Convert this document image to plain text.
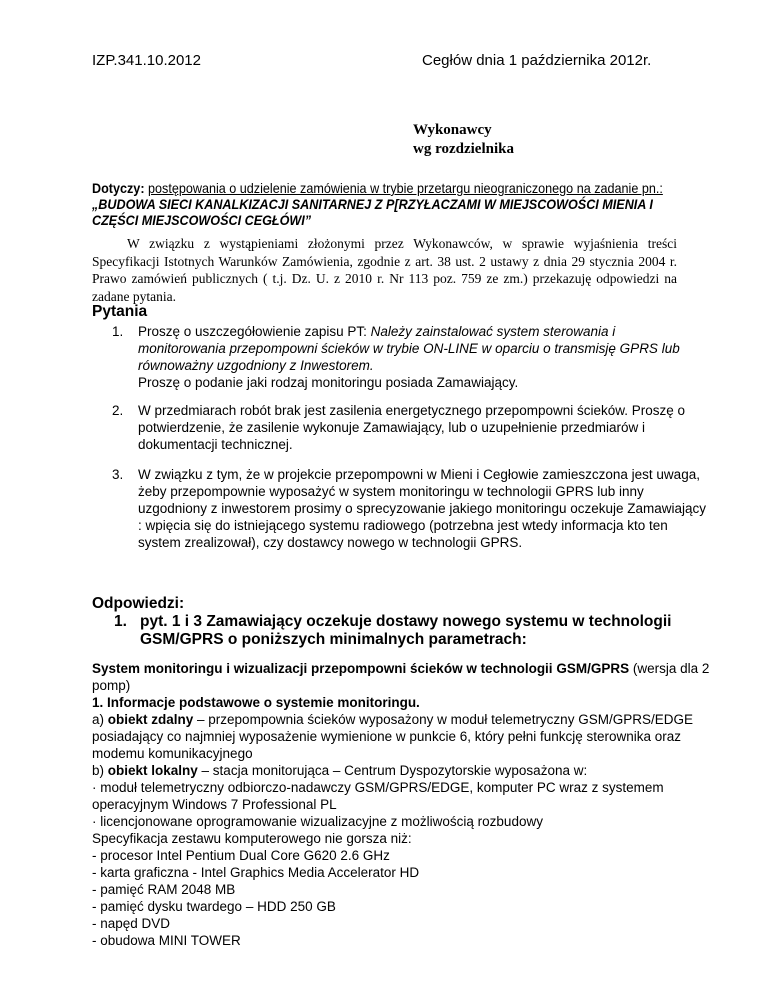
IZP.341.10.2012	Cegłów dnia 1 października 2012r.
Wykonawcy
wg rozdzielnika
Dotyczy: postępowania o udzielenie zamówienia w trybie przetargu nieograniczonego na zadanie pn.:
„BUDOWA SIECI KANALKIZACJI SANITARNEJ Z P[RZYŁACZAMI W MIEJSCOWOŚCI MIENIA I
CZĘŚCI MIEJSCOWOŚCI CEGŁÓWI”
W związku z wystąpieniami złożonymi przez Wykonawców, w sprawie wyjaśnienia treści Specyfikacji Istotnych Warunków Zamówienia, zgodnie z art. 38 ust. 2 ustawy z dnia 29 stycznia 2004 r. Prawo zamówień publicznych ( t.j. Dz. U. z 2010 r. Nr 113 poz. 759 ze zm.) przekazuję odpowiedzi na zadane pytania.
Pytania
1. Proszę o uszczegółowienie zapisu PT: Należy zainstalować system sterowania i
monitorowania przepompowni ścieków w trybie ON-LINE w oparciu o transmisję GPRS lub
równoważny uzgodniony z Inwestorem.
Proszę o podanie jaki rodzaj monitoringu posiada Zamawiający.
2. W przedmiarach robót brak jest zasilenia energetycznego przepompowni ścieków. Proszę o
potwierdzenie, że zasilenie wykonuje Zamawiający, lub o uzupełnienie przedmiarów i
dokumentacji technicznej.
3. W związku z tym, że w projekcie przepompowni w Mieni i Cegłowie zamieszczona jest uwaga,
żeby przepompownie wyposażyć w system monitoringu w technologii GPRS lub inny
uzgodniony z inwestorem prosimy o sprecyzowanie jakiego monitoringu oczekuje Zamawiający
: wpięcia się do istniejącego systemu radiowego (potrzebna jest wtedy informacja kto ten
system zrealizował), czy dostawcy nowego w technologii GPRS.
Odpowiedzi:
1. pyt. 1 i 3 Zamawiający oczekuje dostawy nowego systemu w technologii
GSM/GPRS o poniższych minimalnych parametrach:
System monitoringu i wizualizacji przepompowni ścieków w technologii GSM/GPRS (wersja dla 2
pomp)
1. Informacje podstawowe o systemie monitoringu.
a) obiekt zdalny – przepompownia ścieków wyposażony w moduł telemetryczny GSM/GPRS/EDGE
posiadający co najmniej wyposażenie wymienione w punkcie 6, który pełni funkcję sterownika oraz
modemu komunikacyjnego
b) obiekt lokalny – stacja monitorująca – Centrum Dyspozytorskie wyposażona w:
· moduł telemetryczny odbiorczo-nadawczy GSM/GPRS/EDGE, komputer PC wraz z systemem
operacyjnym Windows 7 Professional PL
· licencjonowane oprogramowanie wizualizacyjne z możliwością rozbudowy
Specyfikacja zestawu komputerowego nie gorsza niż:
- procesor Intel Pentium Dual Core G620 2.6 GHz
- karta graficzna - Intel Graphics Media Accelerator HD
- pamięć RAM 2048 MB
- pamięć dysku twardego – HDD 250 GB
- napęd DVD
- obudowa MINI TOWER
